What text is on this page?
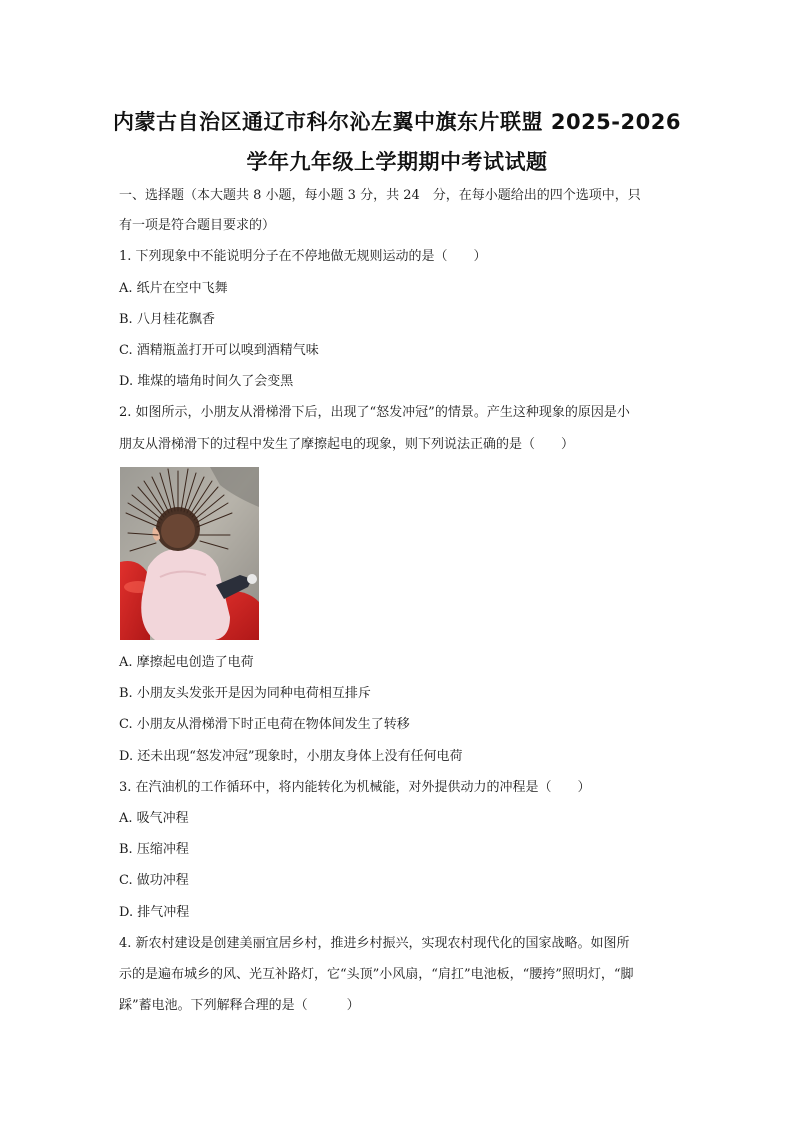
内蒙古自治区通辽市科尔沁左翼中旗东片联盟 2025-2026
学年九年级上学期期中考试试题
一、选择题（本大题共 8 小题，每小题 3 分，共 24　分，在每小题给出的四个选项中，只
有一项是符合题目要求的）
1. 下列现象中不能说明分子在不停地做无规则运动的是（　　）
A. 纸片在空中飞舞
B. 八月桂花飘香
C. 酒精瓶盖打开可以嗅到酒精气味
D. 堆煤的墙角时间久了会变黑
2. 如图所示，小朋友从滑梯滑下后，出现了“怒发冲冠”的情景。产生这种现象的原因是小
朋友从滑梯滑下的过程中发生了摩擦起电的现象，则下列说法正确的是（　　）
A. 摩擦起电创造了电荷
B. 小朋友头发张开是因为同种电荷相互排斥
C. 小朋友从滑梯滑下时正电荷在物体间发生了转移
D. 还未出现“怒发冲冠”现象时，小朋友身体上没有任何电荷
3. 在汽油机的工作循环中，将内能转化为机械能，对外提供动力的冲程是（　　）
A. 吸气冲程
B. 压缩冲程
C. 做功冲程
D. 排气冲程
4. 新农村建设是创建美丽宜居乡村，推进乡村振兴，实现农村现代化的国家战略。如图所
示的是遍布城乡的风、光互补路灯，它“头顶”小风扇，“肩扛”电池板，“腰挎”照明灯，“脚
踩”蓄电池。下列解释合理的是（　　　）
